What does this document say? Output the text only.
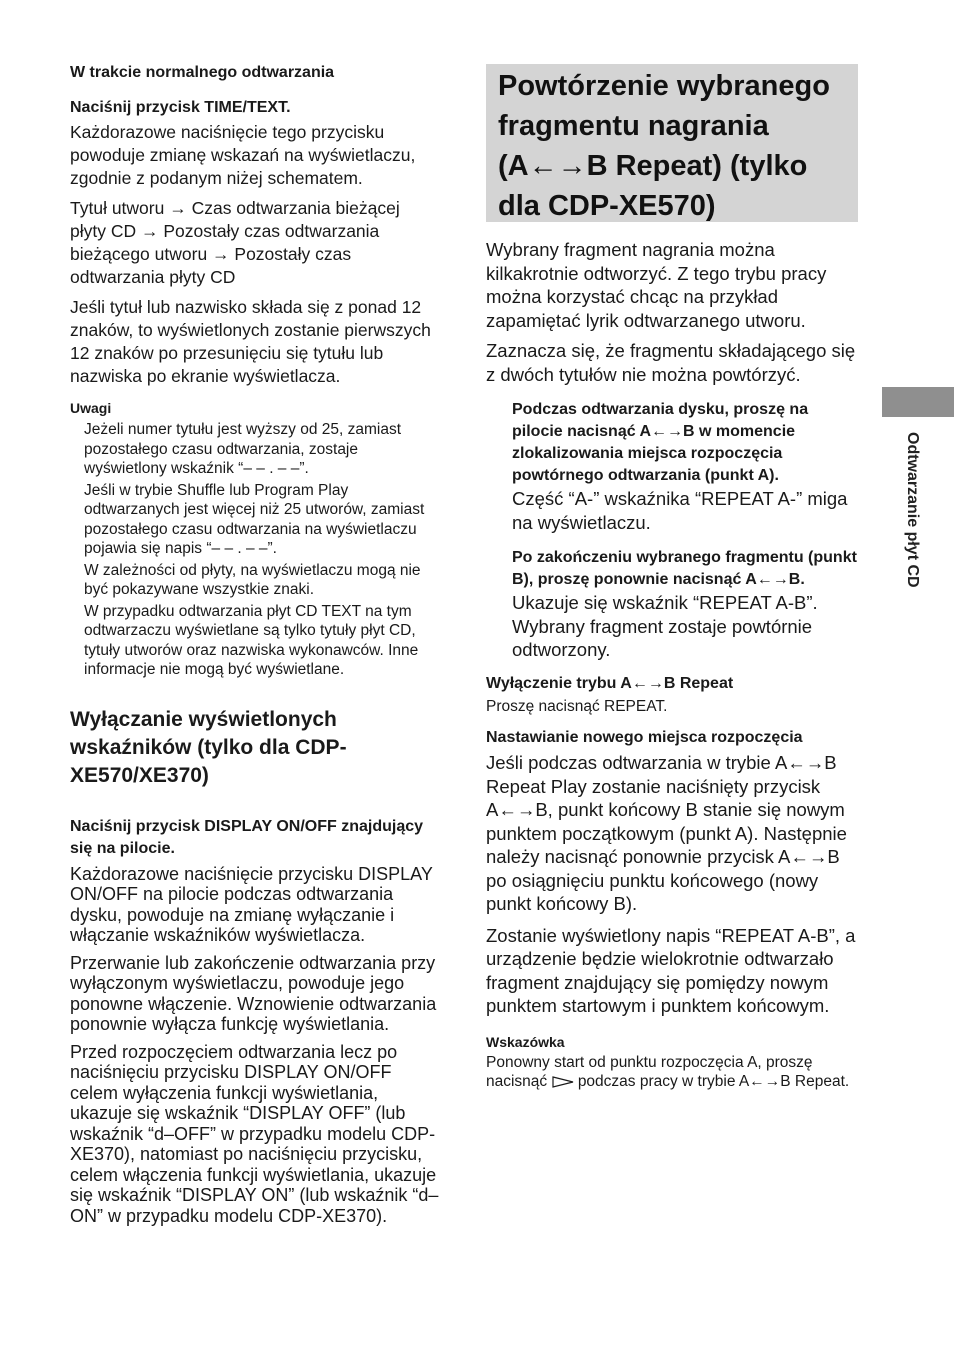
W trakcie normalnego odtwarzania

Naciśnij przycisk TIME/TEXT.

Każdorazowe naciśnięcie tego przycisku powoduje zmianę wskazań na wyświetlaczu, zgodnie z podanym niżej schematem.

Tytuł utworu → Czas odtwarzania bieżącej płyty CD → Pozostały czas odtwarzania bieżącego utworu → Pozostały czas odtwarzania płyty CD

Jeśli tytuł lub nazwisko składa się z ponad 12 znaków, to wyświetlonych zostanie pierwszych 12 znaków po przesunięciu się tytułu lub nazwiska po ekranie wyświetlacza.

Uwagi

Jeżeli numer tytułu jest wyższy od 25, zamiast pozostałego czasu odtwarzania, zostaje wyświetlony wskaźnik “– – . – –”.

Jeśli w trybie Shuffle lub Program Play odtwarzanych jest więcej niż 25 utworów, zamiast pozostałego czasu odtwarzania na wyświetlaczu pojawia się napis “– – . – –”.

W zależności od płyty, na wyświetlaczu mogą nie być pokazywane wszystkie znaki.

W przypadku odtwarzania płyt CD TEXT na tym odtwarzaczu wyświetlane są tylko tytuły płyt CD, tytuły utworów oraz nazwiska wykonawców. Inne informacje nie mogą być wyświetlane.

Wyłączanie wyświetlonych wskaźników (tylko dla CDP-XE570/XE370)

Naciśnij przycisk DISPLAY ON/OFF znajdujący się na pilocie.

Każdorazowe naciśnięcie przycisku DISPLAY ON/OFF na pilocie podczas odtwarzania dysku, powoduje na zmianę wyłączanie i włączanie wskaźników wyświetlacza.

Przerwanie lub zakończenie odtwarzania przy wyłączonym wyświetlaczu, powoduje jego ponowne włączenie. Wznowienie odtwarzania ponownie wyłącza funkcję wyświetlania.

Przed rozpoczęciem odtwarzania lecz po naciśnięciu przycisku DISPLAY ON/OFF celem wyłączenia funkcji wyświetlania, ukazuje się wskaźnik “DISPLAY OFF” (lub wskaźnik “d–OFF” w przypadku modelu CDP-XE370), natomiast po naciśnięciu przycisku, celem włączenia funkcji wyświetlania, ukazuje się wskaźnik “DISPLAY ON” (lub wskaźnik “d–ON” w przypadku modelu CDP-XE370).

Powtórzenie wybranego fragmentu nagrania (A←→B Repeat) (tylko dla CDP-XE570)

Wybrany fragment nagrania można kilkakrotnie odtworzyć. Z tego trybu pracy można korzystać chcąc na przykład zapamiętać lyrik odtwarzanego utworu.

Zaznacza się, że fragmentu składającego się z dwóch tytułów nie można powtórzyć.

Podczas odtwarzania dysku, proszę na pilocie nacisnąć A←→B w momencie zlokalizowania miejsca rozpoczęcia powtórnego odtwarzania (punkt A).

Część “A-” wskaźnika “REPEAT A-” miga na wyświetlaczu.

Po zakończeniu wybranego fragmentu (punkt B), proszę ponownie nacisnąć A←→B.

Ukazuje się wskaźnik “REPEAT A-B”. Wybrany fragment zostaje powtórnie odtworzony.

Wyłączenie trybu A←→B Repeat

Proszę nacisnąć REPEAT.

Nastawianie nowego miejsca rozpoczęcia

Jeśli podczas odtwarzania w trybie A←→B Repeat Play zostanie naciśnięty przycisk A←→B, punkt końcowy B stanie się nowym punktem początkowym (punkt A). Następnie należy nacisnąć ponownie przycisk A←→B po osiągnięciu punktu końcowego (nowy punkt końcowy B).

Zostanie wyświetlony napis “REPEAT A-B”, a urządzenie będzie wielokrotnie odtwarzało fragment znajdujący się pomiędzy nowym punktem startowym i punktem końcowym.

Wskazówka

Ponowny start od punktu rozpoczęcia A, proszę nacisnąć podczas pracy w trybie A←→B Repeat.

Odtwarzanie płyt CD
